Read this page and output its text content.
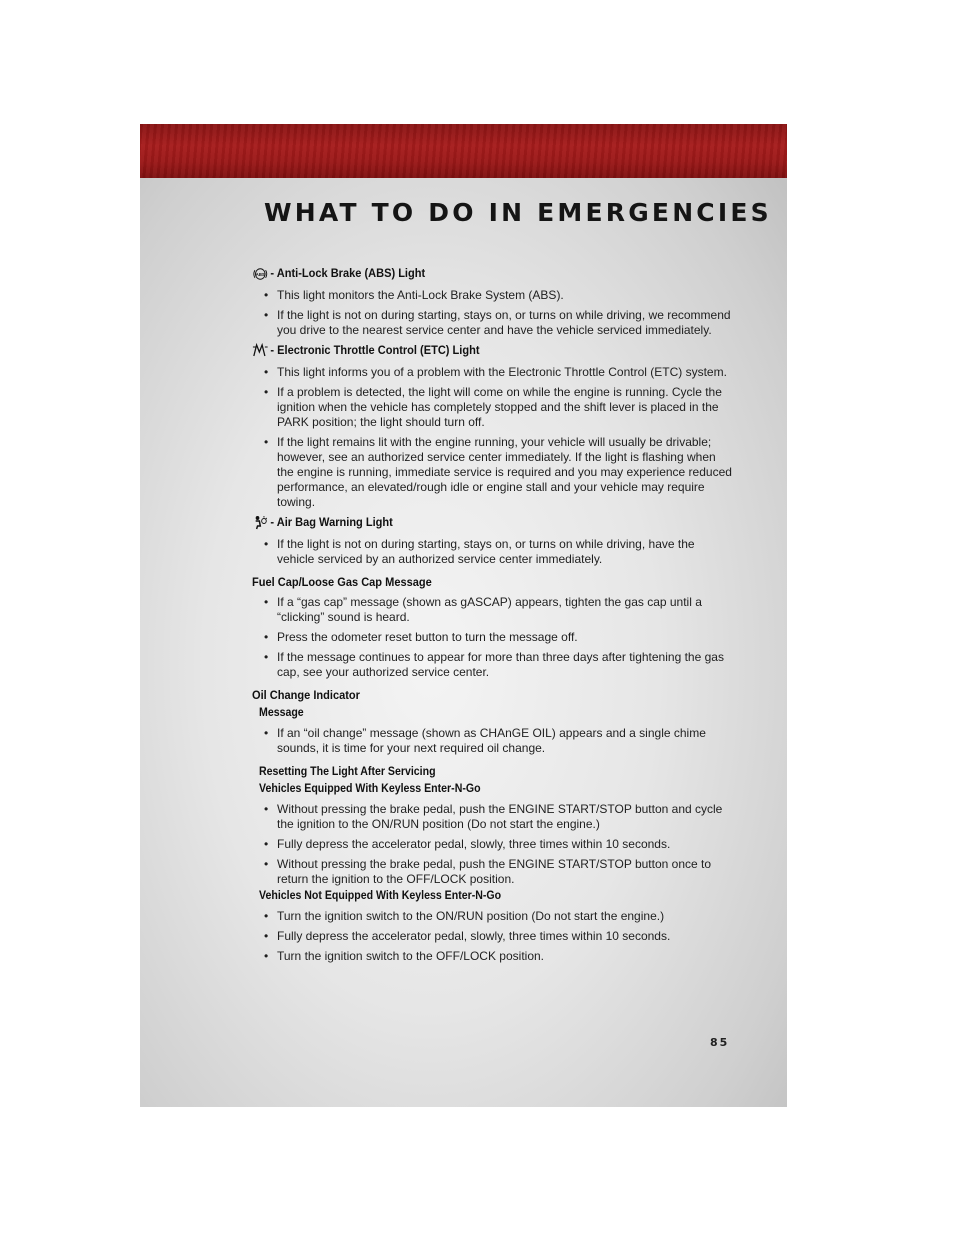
WHAT TO DO IN EMERGENCIES
ABS - Anti-Lock Brake (ABS) Light
• This light monitors the Anti-Lock Brake System (ABS).
• If the light is not on during starting, stays on, or turns on while driving, we recommend you drive to the nearest service center and have the vehicle serviced immediately.
- Electronic Throttle Control (ETC) Light
• This light informs you of a problem with the Electronic Throttle Control (ETC) system.
• If a problem is detected, the light will come on while the engine is running. Cycle the ignition when the vehicle has completely stopped and the shift lever is placed in the PARK position; the light should turn off.
• If the light remains lit with the engine running, your vehicle will usually be drivable; however, see an authorized service center immediately. If the light is flashing when the engine is running, immediate service is required and you may experience reduced performance, an elevated/rough idle or engine stall and your vehicle may require towing.
- Air Bag Warning Light
• If the light is not on during starting, stays on, or turns on while driving, have the vehicle serviced by an authorized service center immediately.
Fuel Cap/Loose Gas Cap Message
• If a “gas cap” message (shown as gASCAP) appears, tighten the gas cap until a “clicking” sound is heard.
• Press the odometer reset button to turn the message off.
• If the message continues to appear for more than three days after tightening the gas cap, see your authorized service center.
Oil Change Indicator
Message
• If an “oil change” message (shown as CHAnGE OIL) appears and a single chime sounds, it is time for your next required oil change.
Resetting The Light After Servicing
Vehicles Equipped With Keyless Enter-N-Go
• Without pressing the brake pedal, push the ENGINE START/STOP button and cycle the ignition to the ON/RUN position (Do not start the engine.)
• Fully depress the accelerator pedal, slowly, three times within 10 seconds.
• Without pressing the brake pedal, push the ENGINE START/STOP button once to return the ignition to the OFF/LOCK position.
Vehicles Not Equipped With Keyless Enter-N-Go
• Turn the ignition switch to the ON/RUN position (Do not start the engine.)
• Fully depress the accelerator pedal, slowly, three times within 10 seconds.
• Turn the ignition switch to the OFF/LOCK position.
85
